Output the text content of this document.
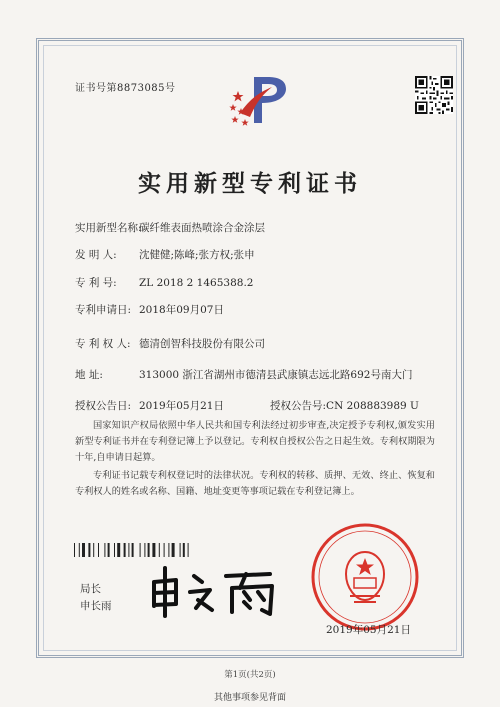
证书号第8873085号
实用新型专利证书
实用新型名称:碳纤维表面热喷涂合金涂层
发 明 人: 沈健健;陈峰;张方权;张申
专 利 号: ZL 2018 2 1465388.2
专利申请日: 2018年09月07日
专 利 权 人: 德清创智科技股份有限公司
地 址:	313000 浙江省湖州市德清县武康镇志远北路692号南大门
授权公告日: 2019年05月21日	授权公告号:CN 208883989 U
国家知识产权局依照中华人民共和国专利法经过初步审查,决定授予专利权,颁发实用新型专利证书并在专利登记簿上予以登记。专利权自授权公告之日起生效。专利权期限为十年,自申请日起算。
专利证书记载专利权登记时的法律状况。专利权的转移、质押、无效、终止、恢复和专利权人的姓名或名称、国籍、地址变更等事项记载在专利登记簿上。
局长
申长雨
2019年05月21日
第1页(共2页)
其他事项参见背面
